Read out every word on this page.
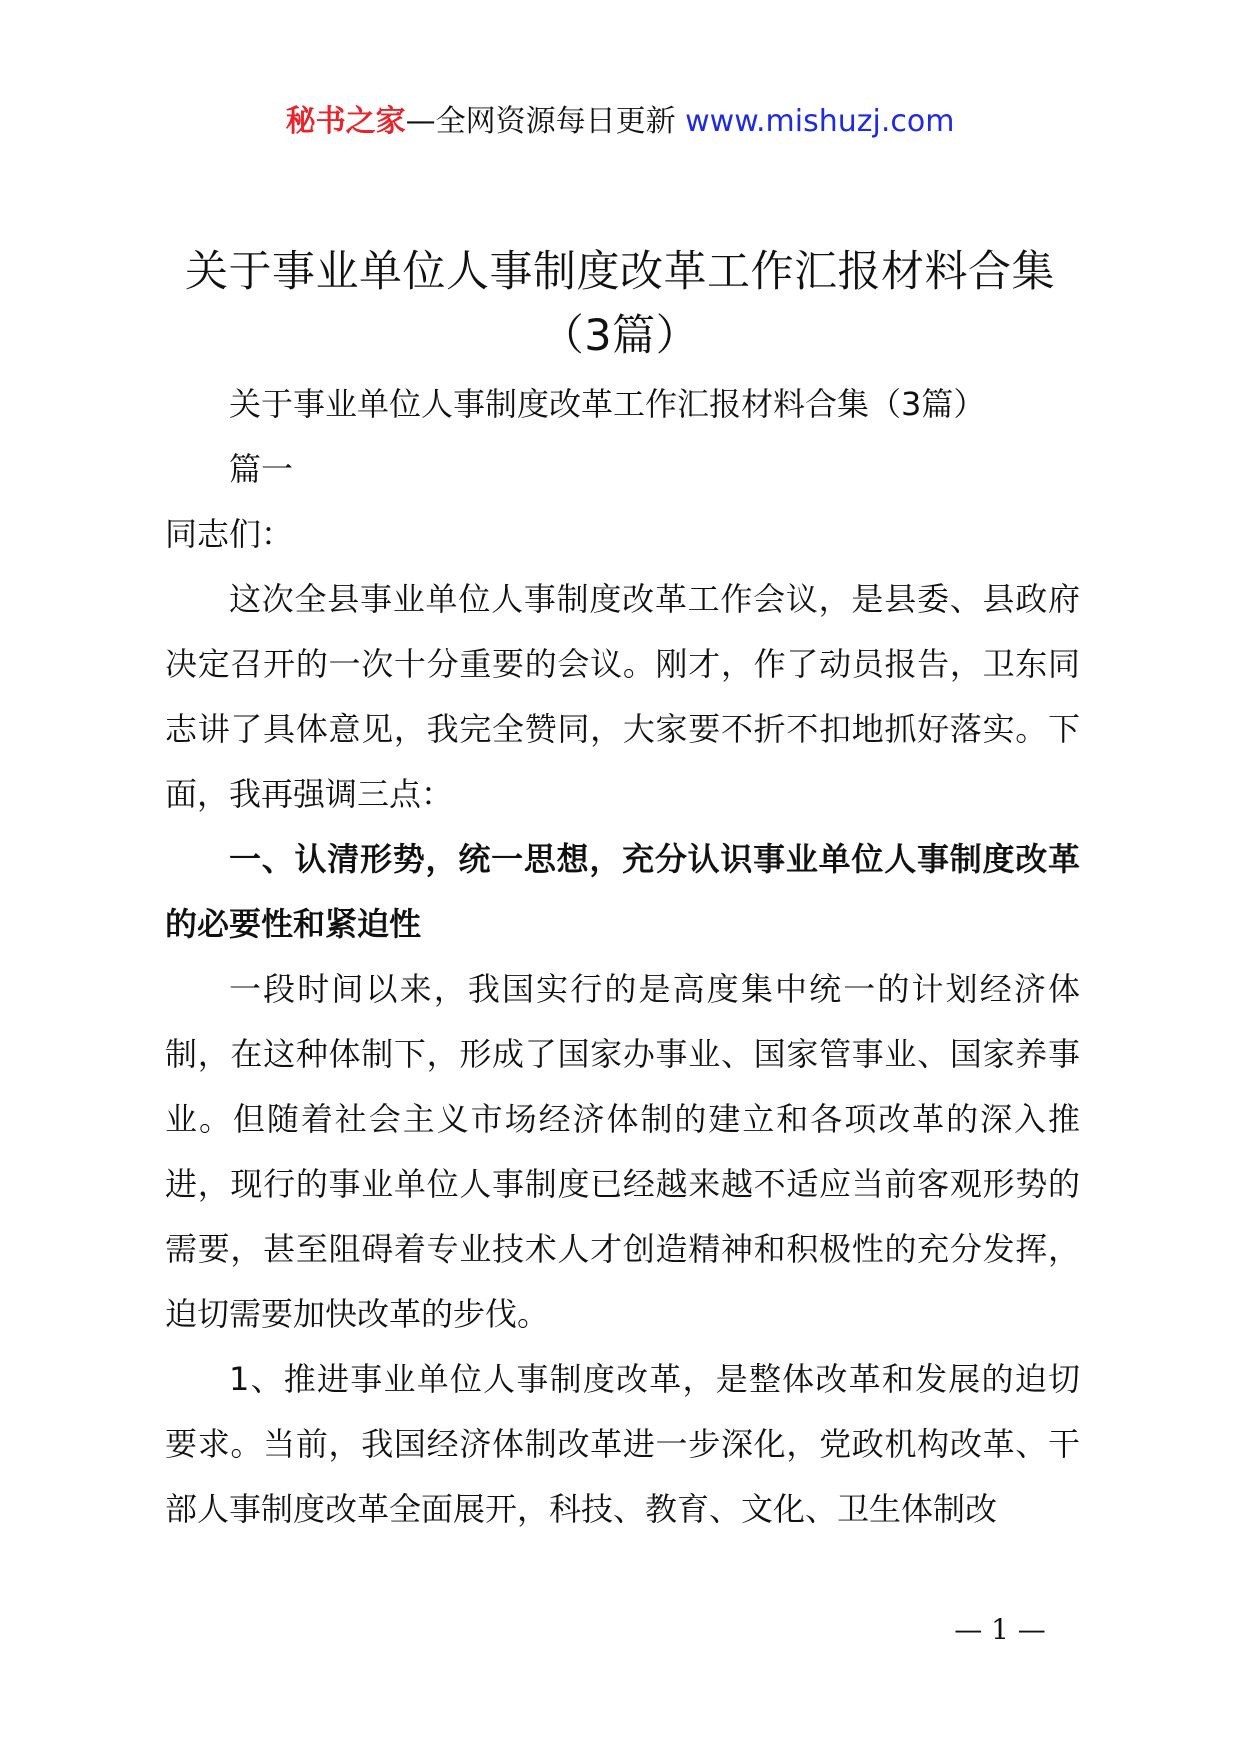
秘书之家—全网资源每日更新 www.mishuzj.com
关于事业单位人事制度改革工作汇报材料合集
（3篇）

关于事业单位人事制度改革工作汇报材料合集（3篇）

篇一

同志们：

这次全县事业单位人事制度改革工作会议，是县委、县政府决定召开的一次十分重要的会议。刚才，作了动员报告，卫东同志讲了具体意见，我完全赞同，大家要不折不扣地抓好落实。下面，我再强调三点：

一、认清形势，统一思想，充分认识事业单位人事制度改革的必要性和紧迫性

一段时间以来，我国实行的是高度集中统一的计划经济体制，在这种体制下，形成了国家办事业、国家管事业、国家养事业。但随着社会主义市场经济体制的建立和各项改革的深入推进，现行的事业单位人事制度已经越来越不适应当前客观形势的需要，甚至阻碍着专业技术人才创造精神和积极性的充分发挥，迫切需要加快改革的步伐。

1、推进事业单位人事制度改革，是整体改革和发展的迫切要求。当前，我国经济体制改革进一步深化，党政机构改革、干部人事制度改革全面展开，科技、教育、文化、卫生体制改

— 1 —
